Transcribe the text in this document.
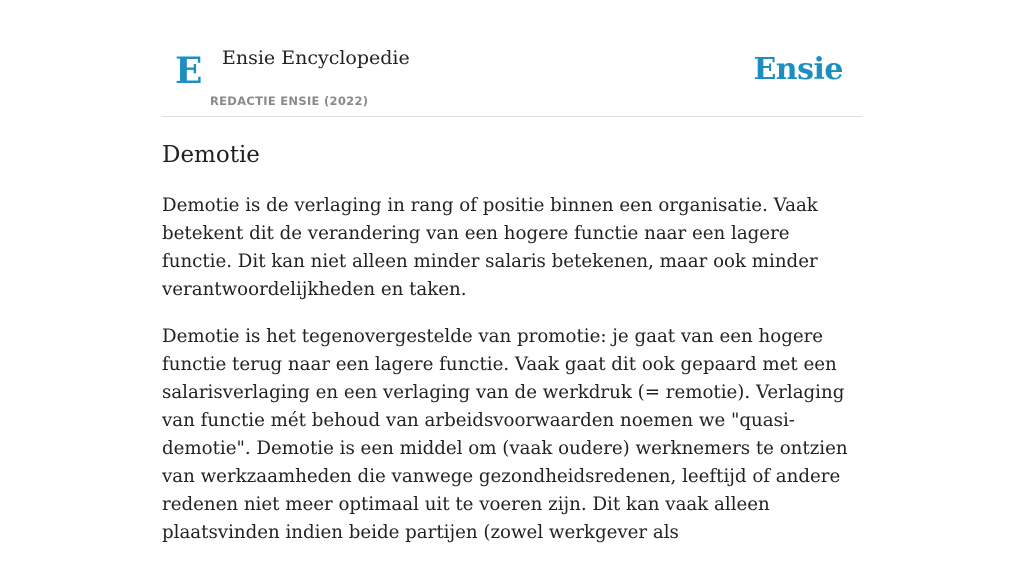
E Ensie Encyclopedie
REDACTIE ENSIE (2022)
Ensie
Demotie

Demotie is de verlaging in rang of positie binnen een organisatie. Vaak betekent dit de verandering van een hogere functie naar een lagere functie. Dit kan niet alleen minder salaris betekenen, maar ook minder verantwoordelijkheden en taken.

Demotie is het tegenovergestelde van promotie: je gaat van een hogere functie terug naar een lagere functie. Vaak gaat dit ook gepaard met een salarisverlaging en een verlaging van de werkdruk (= remotie). Verlaging van functie mét behoud van arbeidsvoorwaarden noemen we "quasi-demotie". Demotie is een middel om (vaak oudere) werknemers te ontzien van werkzaamheden die vanwege gezondheidsredenen, leeftijd of andere redenen niet meer optimaal uit te voeren zijn. Dit kan vaak alleen plaatsvinden indien beide partijen (zowel werkgever als
